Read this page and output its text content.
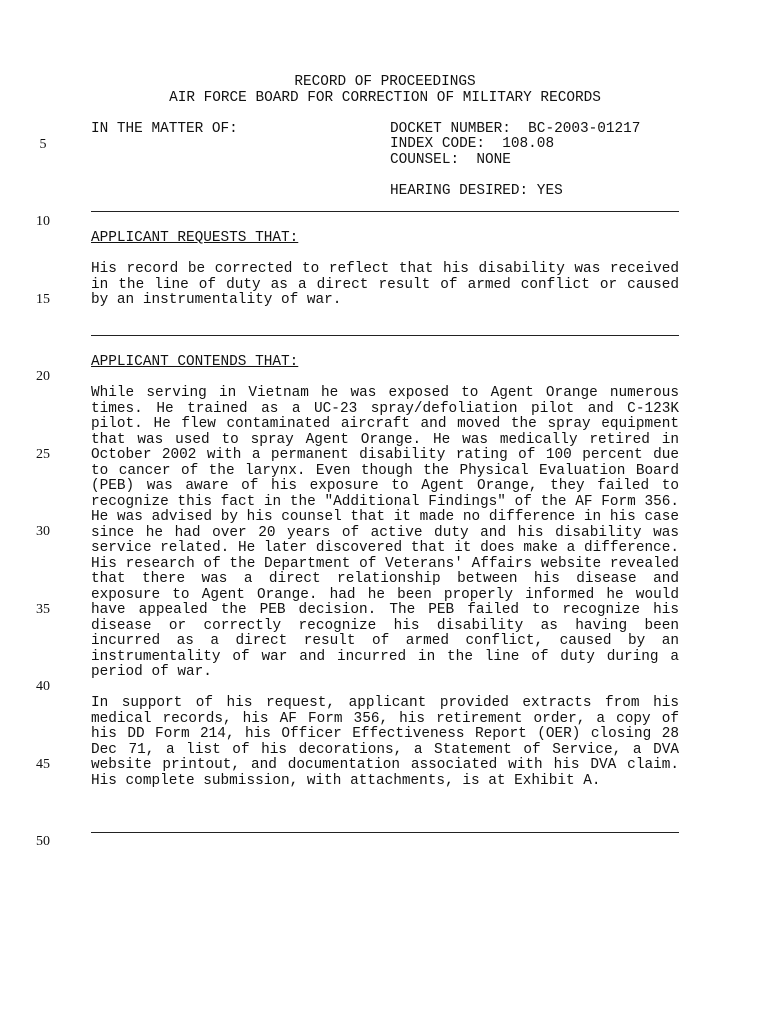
RECORD OF PROCEEDINGS
AIR FORCE BOARD FOR CORRECTION OF MILITARY RECORDS
IN THE MATTER OF:	DOCKET NUMBER:  BC-2003-01217
INDEX CODE:  108.08
COUNSEL:  NONE
HEARING DESIRED: YES
5
10
15
20
25
30
35
40
45
50
APPLICANT REQUESTS THAT:
His record be corrected to reflect that his disability was received in the line of duty as a direct result of armed conflict or caused by an instrumentality of war.
APPLICANT CONTENDS THAT:
While serving in Vietnam he was exposed to Agent Orange numerous times. He trained as a UC-23 spray/defoliation pilot and C-123K pilot. He flew contaminated aircraft and moved the spray equipment that was used to spray Agent Orange. He was medically retired in October 2002 with a permanent disability rating of 100 percent due to cancer of the larynx. Even though the Physical Evaluation Board (PEB) was aware of his exposure to Agent Orange, they failed to recognize this fact in the "Additional Findings" of the AF Form 356. He was advised by his counsel that it made no difference in his case since he had over 20 years of active duty and his disability was service related. He later discovered that it does make a difference. His research of the Department of Veterans' Affairs website revealed that there was a direct relationship between his disease and exposure to Agent Orange. had he been properly informed he would have appealed the PEB decision. The PEB failed to recognize his disease or correctly recognize his disability as having been incurred as a direct result of armed conflict, caused by an instrumentality of war and incurred in the line of duty during a period of war.
In support of his request, applicant provided extracts from his medical records, his AF Form 356, his retirement order, a copy of his DD Form 214, his Officer Effectiveness Report (OER) closing 28 Dec 71, a list of his decorations, a Statement of Service, a DVA website printout, and documentation associated with his DVA claim. His complete submission, with attachments, is at Exhibit A.
